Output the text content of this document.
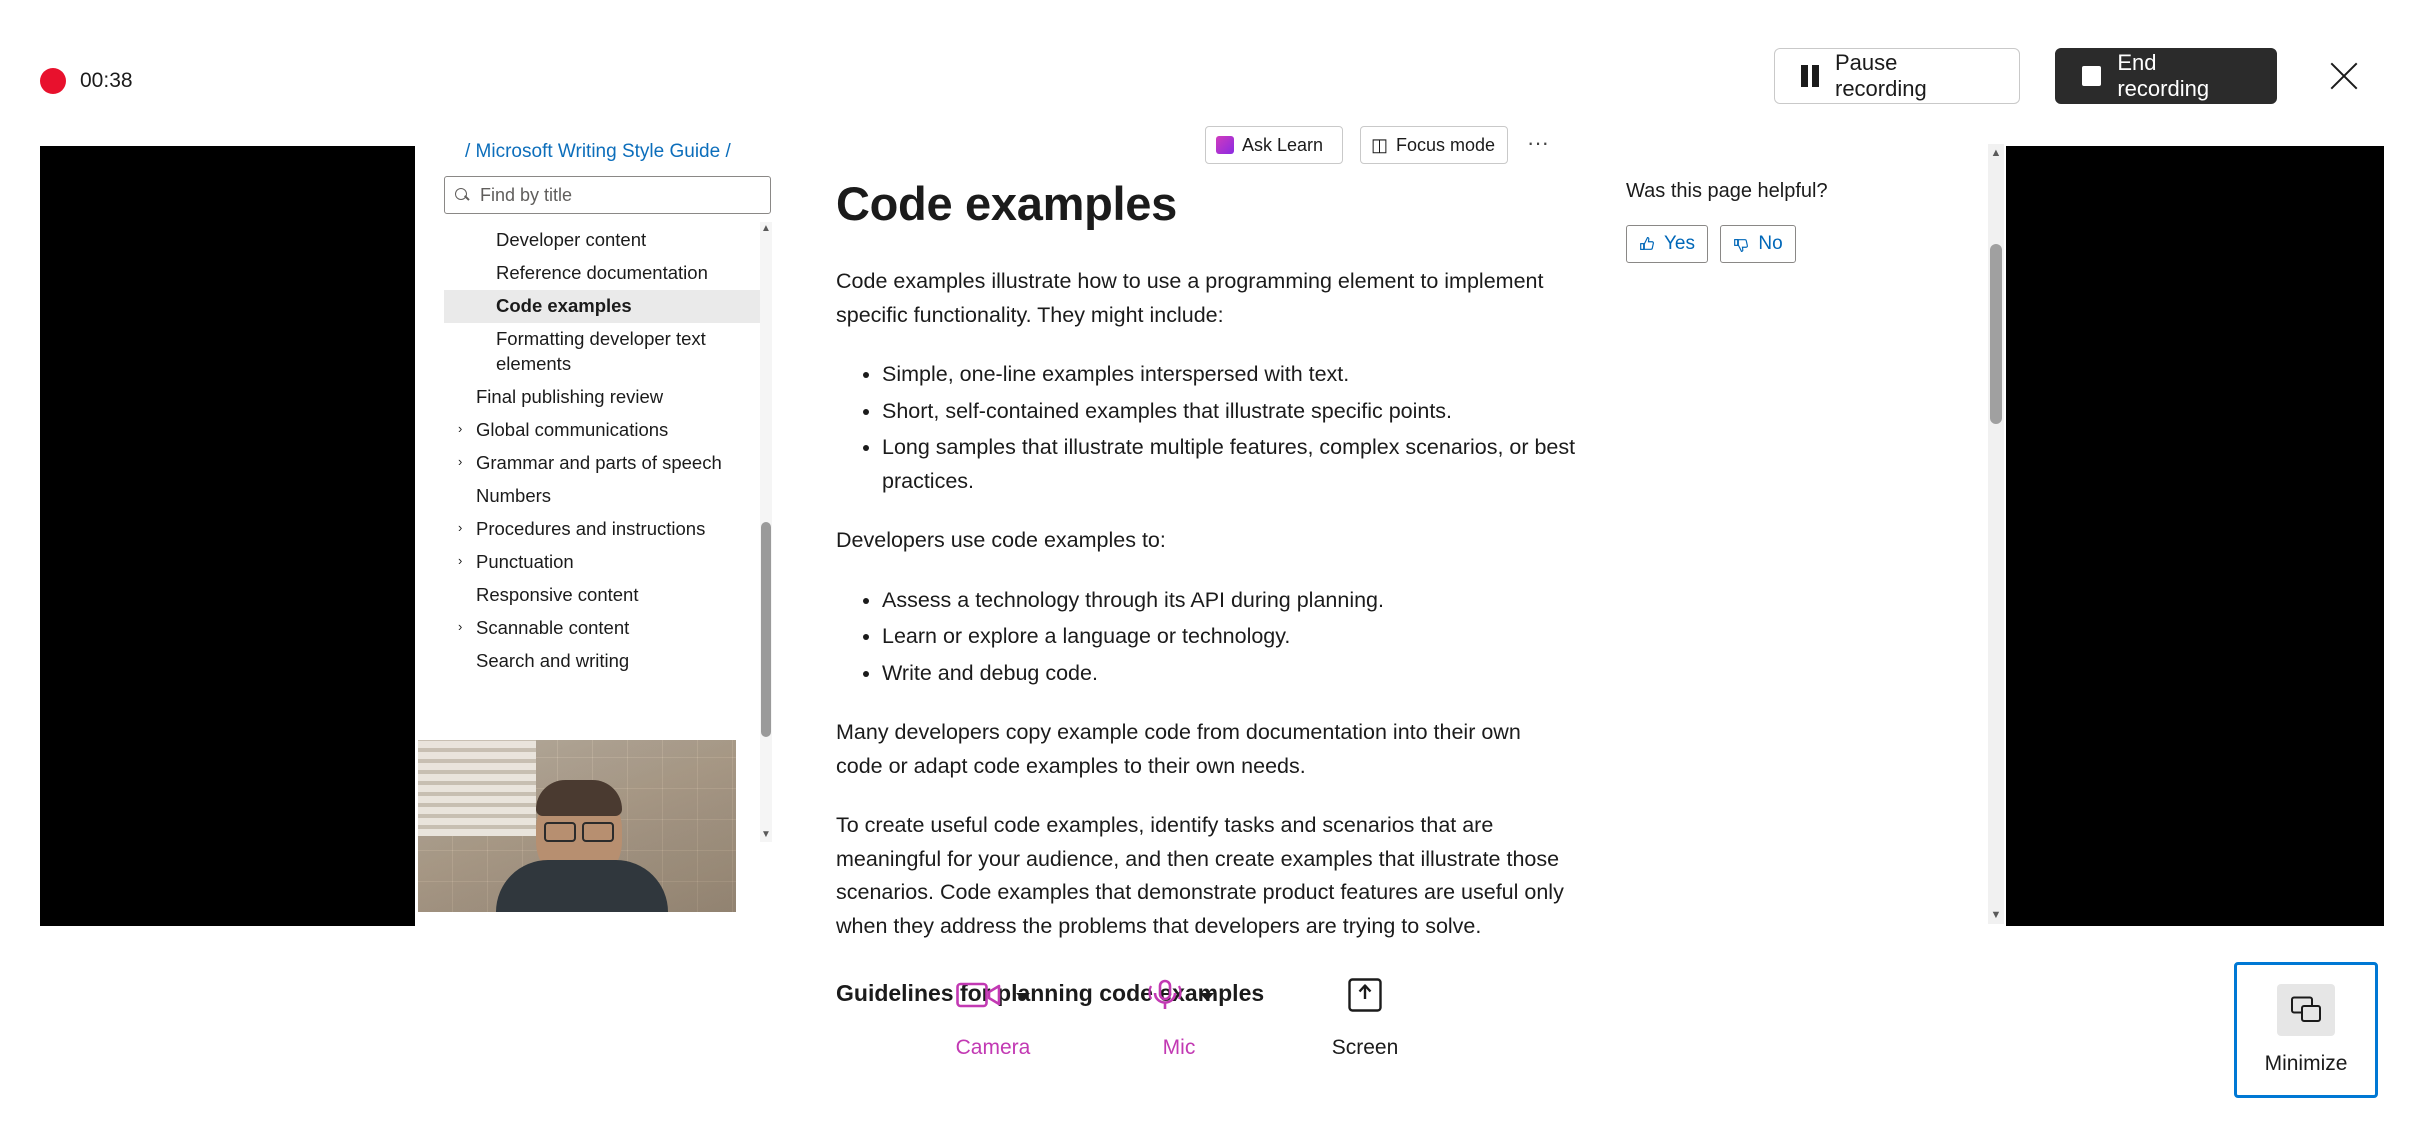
00:38
Pause recording
End recording
/ Microsoft Writing Style Guide /	Ask Learn	◫ Focus mode ···
Find by title
Developer content
Reference documentation
Code examples
Formatting developer text elements
Final publishing review
› Global communications
› Grammar and parts of speech
Numbers
› Procedures and instructions
› Punctuation
Responsive content
› Scannable content
Search and writing
▲
▼
Code examples

Code examples illustrate how to use a programming element to implement specific functionality. They might include:

• Simple, one-line examples interspersed with text.
• Short, self-contained examples that illustrate specific points.
• Long samples that illustrate multiple features, complex scenarios, or best practices.

Developers use code examples to:

• Assess a technology through its API during planning.
• Learn or explore a language or technology.
• Write and debug code.

Many developers copy example code from documentation into their own code or adapt code examples to their own needs.

To create useful code examples, identify tasks and scenarios that are meaningful for your audience, and then create examples that illustrate those scenarios. Code examples that demonstrate product features are useful only when they address the problems that developers are trying to solve.

Guidelines for planning code examples
Was this page helpful?
Yes	No
▲
▼
Camera	Mic	Screen
Minimize
